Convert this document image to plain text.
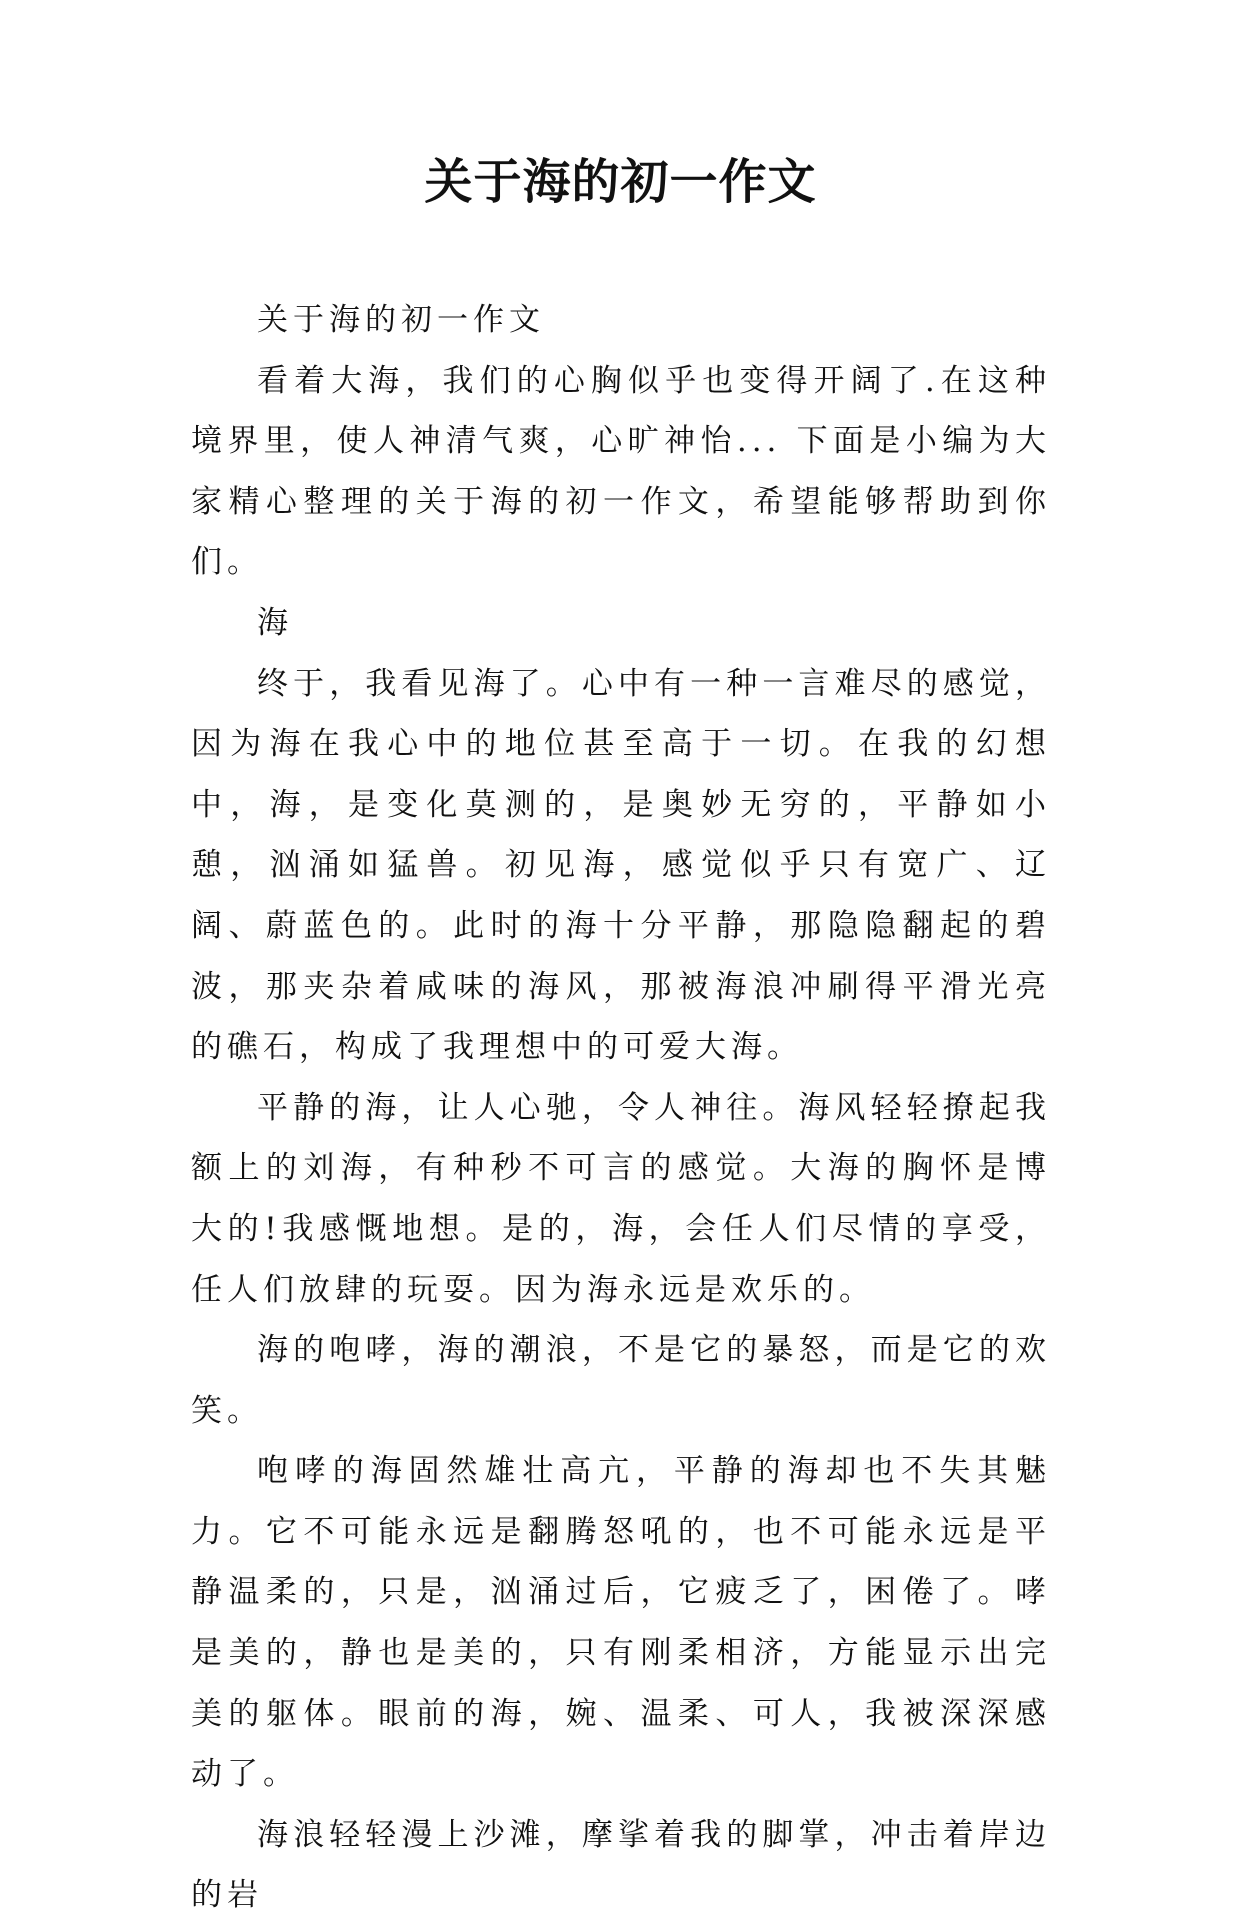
关于海的初一作文

关于海的初一作文

看着大海，我们的心胸似乎也变得开阔了.在这种境界里，使人神清气爽，心旷神怡... 下面是小编为大家精心整理的关于海的初一作文，希望能够帮助到你们。

海

终于，我看见海了。心中有一种一言难尽的感觉，因为海在我心中的地位甚至高于一切。在我的幻想中，海，是变化莫测的，是奥妙无穷的，平静如小憩，汹涌如猛兽。初见海，感觉似乎只有宽广、辽阔、蔚蓝色的。此时的海十分平静，那隐隐翻起的碧波，那夹杂着咸味的海风，那被海浪冲刷得平滑光亮的礁石，构成了我理想中的可爱大海。

平静的海，让人心驰，令人神往。海风轻轻撩起我额上的刘海，有种秒不可言的感觉。大海的胸怀是博大的!我感慨地想。是的，海，会任人们尽情的享受，任人们放肆的玩耍。因为海永远是欢乐的。

海的咆哮，海的潮浪，不是它的暴怒，而是它的欢笑。

咆哮的海固然雄壮高亢，平静的海却也不失其魅力。它不可能永远是翻腾怒吼的，也不可能永远是平静温柔的，只是，汹涌过后，它疲乏了，困倦了。哮是美的，静也是美的，只有刚柔相济，方能显示出完美的躯体。眼前的海，婉、温柔、可人，我被深深感动了。

海浪轻轻漫上沙滩，摩挲着我的脚掌，冲击着岸边的岩
